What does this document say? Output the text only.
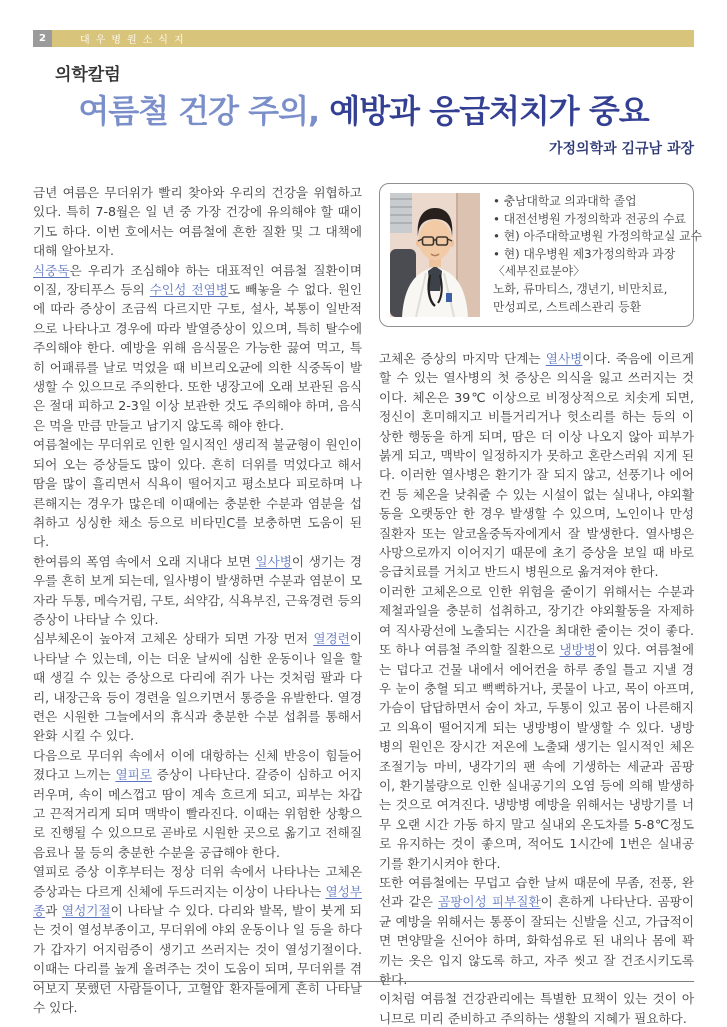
2	대우병원소식지
의학칼럼
여름철 건강 주의, 예방과 응급처치가 중요
가정의학과 김규남 과장

금년 여름은 무더위가 빨리 찾아와 우리의 건강을 위협하고 있다. 특히 7-8월은 일 년 중 가장 건강에 유의해야 할 때이기도 하다. 이번 호에서는 여름철에 흔한 질환 및 그 대책에 대해 알아보자.

식중독은 우리가 조심해야 하는 대표적인 여름철 질환이며 이질, 장티푸스 등의 수인성 전염병도 빼놓을 수 없다. 원인에 따라 증상이 조금씩 다르지만 구토, 설사, 복통이 일반적으로 나타나고 경우에 따라 발열증상이 있으며, 특히 탈수에 주의해야 한다. 예방을 위해 음식물은 가능한 끓여 먹고, 특히 어패류를 날로 먹었을 때 비브리오균에 의한 식중독이 발생할 수 있으므로 주의한다. 또한 냉장고에 오래 보관된 음식은 절대 피하고 2-3일 이상 보관한 것도 주의해야 하며, 음식은 먹을 만큼 만들고 남기지 않도록 해야 한다.

여름철에는 무더위로 인한 일시적인 생리적 불균형이 원인이 되어 오는 증상들도 많이 있다. 흔히 더위를 먹었다고 해서 땀을 많이 흘리면서 식욕이 떨어지고 평소보다 피로하며 나른해지는 경우가 많은데 이때에는 충분한 수분과 염분을 섭취하고 싱싱한 채소 등으로 비타민C를 보충하면 도움이 된다.

한여름의 폭염 속에서 오래 지내다 보면 일사병이 생기는 경우를 흔히 보게 되는데, 일사병이 발생하면 수분과 염분이 모자라 두통, 메슥거림, 구토, 쇠약감, 식욕부진, 근육경련 등의 증상이 나타날 수 있다.

심부체온이 높아져 고체온 상태가 되면 가장 먼저 열경련이 나타날 수 있는데, 이는 더운 날씨에 심한 운동이나 일을 할 때 생길 수 있는 증상으로 다리에 쥐가 나는 것처럼 팔과 다리, 내장근육 등이 경련을 일으키면서 통증을 유발한다. 열경련은 시원한 그늘에서의 휴식과 충분한 수분 섭취를 통해서 완화 시킬 수 있다.

다음으로 무더위 속에서 이에 대항하는 신체 반응이 힘들어 졌다고 느끼는 열피로 증상이 나타난다. 갈증이 심하고 어지러우며, 속이 메스껍고 땀이 계속 흐르게 되고, 피부는 차갑고 끈적거리게 되며 맥박이 빨라진다. 이때는 위험한 상황으로 진행될 수 있으므로 곧바로 시원한 곳으로 옮기고 전해질 음료나 물 등의 충분한 수분을 공급해야 한다.

열피로 증상 이후부터는 정상 더위 속에서 나타나는 고체온 증상과는 다르게 신체에 두드러지는 이상이 나타나는 열성부종과 열성기절이 나타날 수 있다. 다리와 발목, 발이 붓게 되는 것이 열성부종이고, 무더위에 야외 운동이나 일 등을 하다가 갑자기 어지럼증이 생기고 쓰러지는 것이 열성기절이다. 이때는 다리를 높게 올려주는 것이 도움이 되며, 무더위를 겪어보지 못했던 사람들이나, 고혈압 환자들에게 흔히 나타날 수 있다.

• 충남대학교 의과대학 졸업
• 대전선병원 가정의학과 전공의 수료
• 현) 아주대학교병원 가정의학교실 교수
• 현) 대우병원 제3가정의학과 과장
〈세부진료분야〉
노화, 류마티스, 갱년기, 비만치료,
만성피로, 스트레스관리 등환

고체온 증상의 마지막 단계는 열사병이다. 죽음에 이르게 할 수 있는 열사병의 첫 증상은 의식을 잃고 쓰러지는 것이다. 체온은 39℃ 이상으로 비정상적으로 치솟게 되면, 정신이 혼미해지고 비틀거리거나 헛소리를 하는 등의 이상한 행동을 하게 되며, 땀은 더 이상 나오지 않아 피부가 붉게 되고, 맥박이 일정하지가 못하고 혼란스러워 지게 된다. 이러한 열사병은 환기가 잘 되지 않고, 선풍기나 에어컨 등 체온을 낮춰줄 수 있는 시설이 없는 실내나, 야외활동을 오랫동안 한 경우 발생할 수 있으며, 노인이나 만성질환자 또는 알코올중독자에게서 잘 발생한다. 열사병은 사망으로까지 이어지기 때문에 초기 증상을 보일 때 바로 응급치료를 거치고 반드시 병원으로 옮겨져야 한다.

이러한 고체온으로 인한 위험을 줄이기 위해서는 수분과 제철과일을 충분히 섭취하고, 장기간 야외활동을 자제하여 직사광선에 노출되는 시간을 최대한 줄이는 것이 좋다. 또 하나 여름철 주의할 질환으로 냉방병이 있다. 여름철에는 덥다고 건물 내에서 에어컨을 하루 종일 틀고 지낼 경우 눈이 충혈 되고 뻑뻑하거나, 콧물이 나고, 목이 아프며, 가슴이 답답하면서 숨이 차고, 두통이 있고 몸이 나른해지고 의욕이 떨어지게 되는 냉방병이 발생할 수 있다. 냉방병의 원인은 장시간 저온에 노출돼 생기는 일시적인 체온조절기능 마비, 냉각기의 팬 속에 기생하는 세균과 곰팡이, 환기불량으로 인한 실내공기의 오염 등에 의해 발생하는 것으로 여겨진다. 냉방병 예방을 위해서는 냉방기를 너무 오랜 시간 가동 하지 말고 실내외 온도차를 5-8℃정도로 유지하는 것이 좋으며, 적어도 1시간에 1번은 실내공기를 환기시켜야 한다.

또한 여름철에는 무덥고 습한 날씨 때문에 무좀, 전풍, 완선과 같은 곰팡이성 피부질환이 흔하게 나타난다. 곰팡이균 예방을 위해서는 통풍이 잘되는 신발을 신고, 가급적이면 면양말을 신어야 하며, 화학섬유로 된 내의나 몸에 꽉 끼는 옷은 입지 않도록 하고, 자주 씻고 잘 건조시키도록 한다.

이처럼 여름철 건강관리에는 특별한 묘책이 있는 것이 아니므로 미리 준비하고 주의하는 생활의 지혜가 필요하다.
